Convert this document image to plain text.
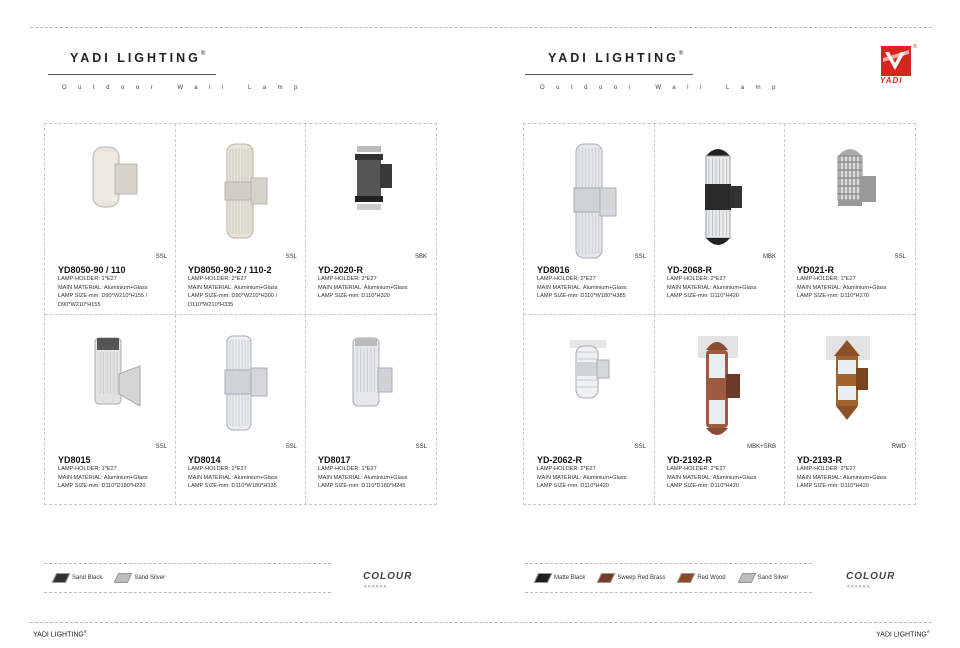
YADI LIGHTING®
Outdoor Wall Lamp
YADI LIGHTING®
Outdoor Wall Lamp
YADI
®
SSL
YD8050-90 / 110
LAMP-HOLDER: 1*E27
MAIN MATERIAL: Aluminium+Glass
LAMP SIZE-mm: D90*W210*H155 /
D90*W210*H155
SSL
YD8050-90-2 / 110-2
LAMP-HOLDER: 2*E27
MAIN MATERIAL: Aluminium+Glass
LAMP SIZE-mm: D90*W210*H300 /
D110*W210*H335
SBK
YD-2020-R
LAMP-HOLDER: 2*E27
MAIN MATERIAL: Aluminium+Glass
LAMP SIZE-mm: D110*H320
SSL
YD8015
LAMP-HOLDER: 1*E27
MAIN MATERIAL: Aluminium+Glass
LAMP SIZE-mm: D110*D180*H220
SSL
YD8014
LAMP-HOLDER: 2*E27
MAIN MATERIAL: Aluminium+Glass
LAMP SIZE-mm: D110*W180*H335
SSL
YD8017
LAMP-HOLDER: 1*E27
MAIN MATERIAL: Aluminium+Glass
LAMP SIZE-mm: D110*D180*H245
SSL
YD8016
LAMP-HOLDER: 2*E27
MAIN MATERIAL: Aluminium+Glass
LAMP SIZE-mm: D110*W180*H385
MBK
YD-2068-R
LAMP-HOLDER: 2*E27
MAIN MATERIAL: Aluminium+Glass
LAMP SIZE-mm: D110*H420
SSL
YD021-R
LAMP-HOLDER: 1*E27
MAIN MATERIAL: Aluminium+Glass
LAMP SIZE-mm: D110*H270
SSL
YD-2062-R
LAMP-HOLDER: 2*E27
MAIN MATERIAL: Aluminium+Glass
LAMP SIZE-mm: D110*H420
MBK+SRB
YD-2192-R
LAMP-HOLDER: 2*E27
MAIN MATERIAL: Aluminium+Glass
LAMP SIZE-mm: D110*H420
RWD
YD-2193-R
LAMP-HOLDER: 2*E27
MAIN MATERIAL: Aluminium+Glass
LAMP SIZE-mm: D110*H420
Sand Black	Sand Silver	COLOUR
<<<<<<
Matte Black	Sweep Red Brass	Red Wood	Sand Silver	COLOUR
<<<<<<
YADI LIGHTING®	YADI LIGHTING®
